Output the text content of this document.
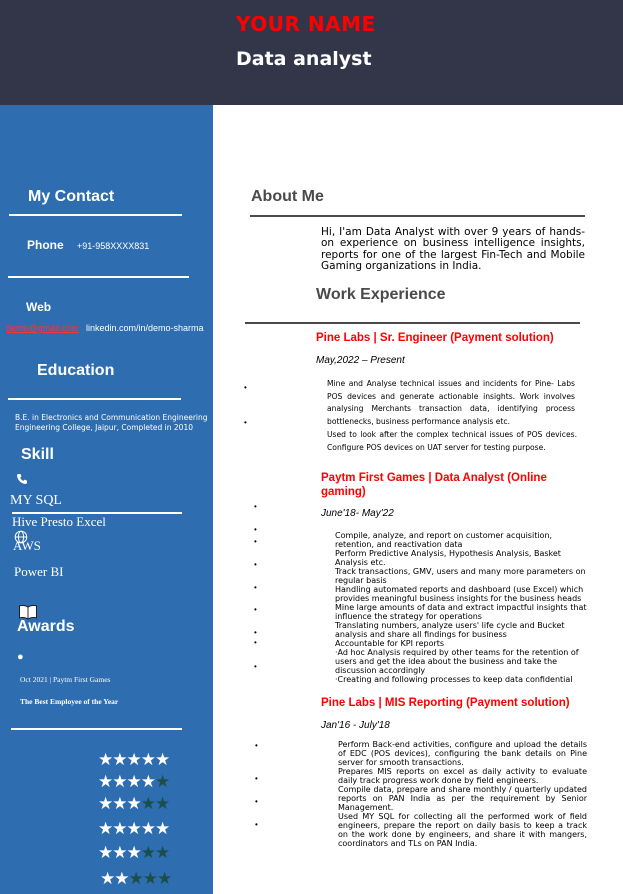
YOUR NAME
Data analyst
My Contact
Phone +91-958XXXX831
Web
demo@gmail.com linkedin.com/in/demo-sharma
Education
B.E. in Electronics and Communication Engineering
Engineering College, Jaipur, Completed in 2010
Skill
MY SQL
Hive Presto Excel
AWS
Power BI
Awards
●
Oct 2021 | Paytm First Games
The Best Employee of the Year
★★★★★
★★★★★
★★★★★
★★★★★
★★★★★
★★★★★
About Me
Hi, I'am Data Analyst with over 9 years of hands-on experience on business intelligence insights, reports for one of the largest Fin-Tech and Mobile Gaming organizations in India.
Work Experience
Pine Labs | Sr. Engineer (Payment solution)
May,2022 – Present
•
•
Mine and Analyse technical issues and incidents for Pine- Labs POS devices and generate actionable insights. Work involves analysing Merchants transaction data, identifying process bottlenecks, business performance analysis etc.
Used to look after the complex technical issues of POS devices. Configure POS devices on UAT server for testing purpose.
Paytm First Games | Data Analyst (Online gaming)
June'18- May'22
•
•
•
•
•
•
•
•
•
Compile, analyze, and report on customer acquisition, retention, and reactivation data
Perform Predictive Analysis, Hypothesis Analysis, Basket Analysis etc.
Track transactions, GMV, users and many more parameters on regular basis
Handling automated reports and dashboard (use Excel) which provides meaningful business insights for the business heads
Mine large amounts of data and extract impactful insights that influence the strategy for operations
Translating numbers, analyze users' life cycle and Bucket analysis and share all findings for business
Accountable for KPI reports
·Ad hoc Analysis required by other teams for the retention of users and get the idea about the business and take the discussion accordingly
·Creating and following processes to keep data confidential
Pine Labs | MIS Reporting (Payment solution)
Jan'16 - July'18
•
•
•
•
Perform Back-end activities, configure and upload the details of EDC (POS devices), configuring the bank details on Pine server for smooth transactions.
Prepares MIS reports on excel as daily activity to evaluate daily track progress work done by field engineers.
Compile data, prepare and share monthly / quarterly updated reports on PAN India as per the requirement by Senior Management.
Used MY SQL for collecting all the performed work of field engineers, prepare the report on daily basis to keep a track on the work done by engineers, and share it with mangers, coordinators and TLs on PAN India.
